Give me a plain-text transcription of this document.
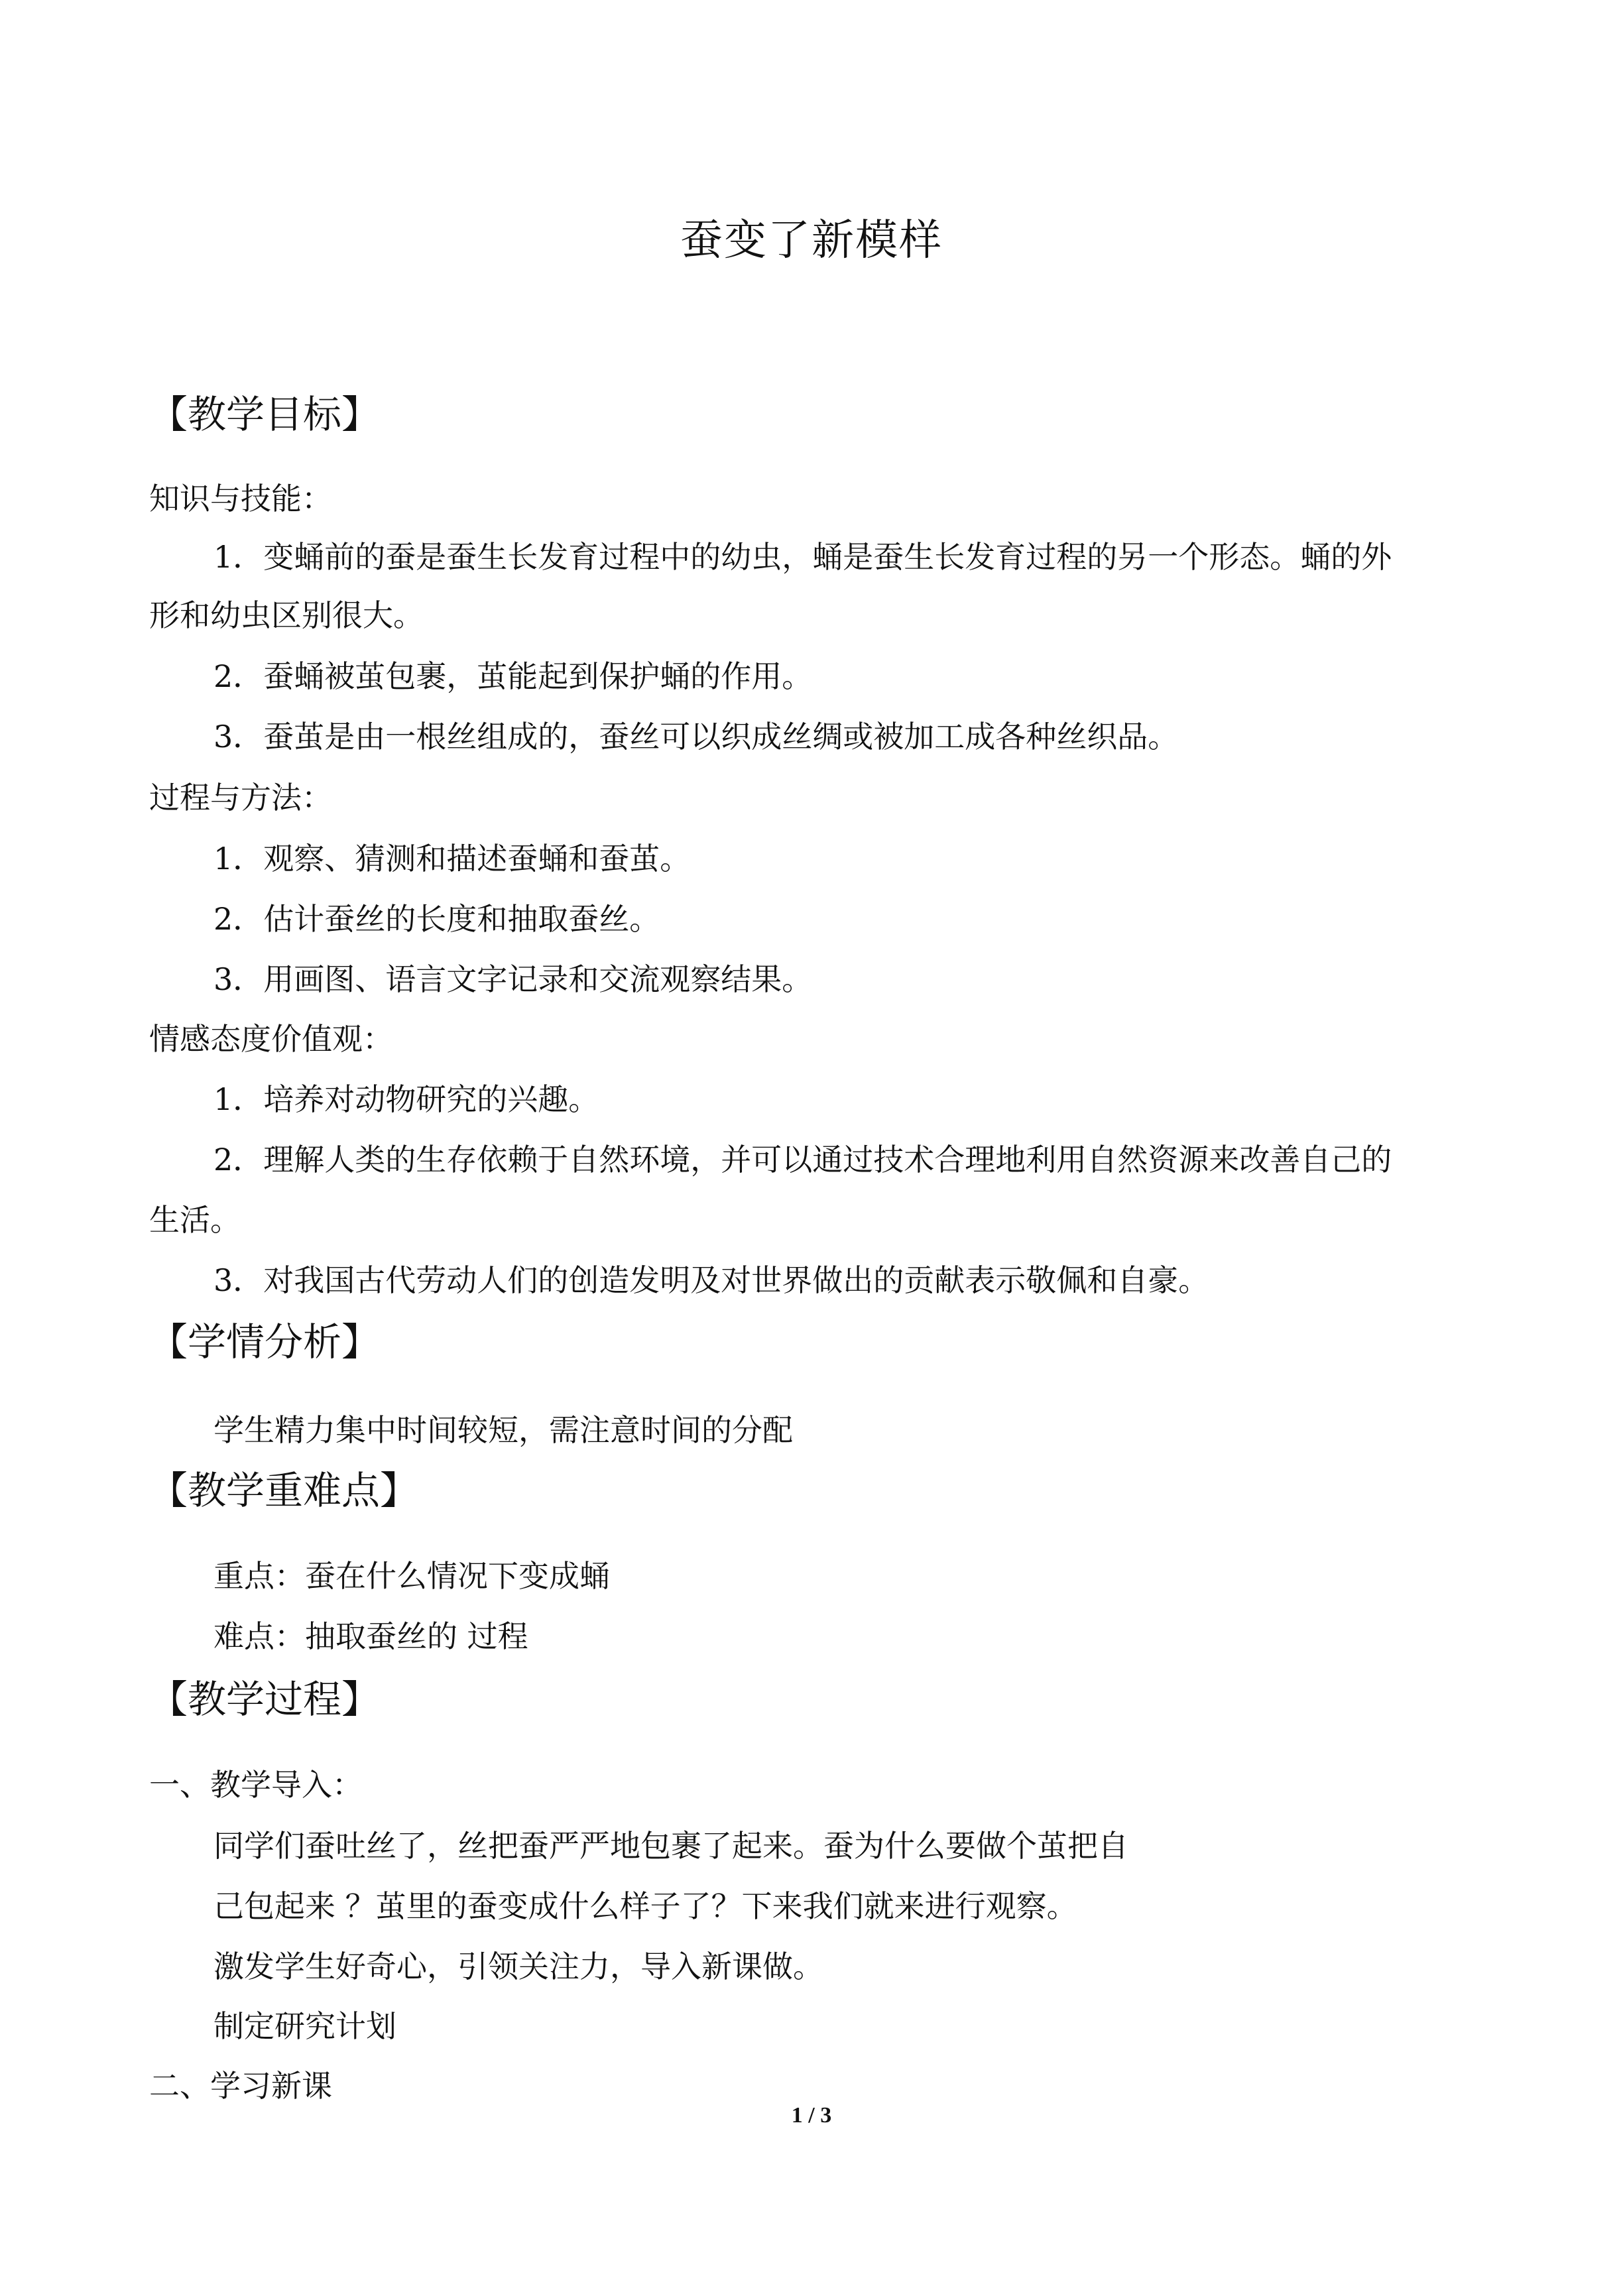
蚕变了新模样
【教学目标】
知识与技能：
1．变蛹前的蚕是蚕生长发育过程中的幼虫，蛹是蚕生长发育过程的另一个形态。蛹的外
形和幼虫区别很大。
2．蚕蛹被茧包裹，茧能起到保护蛹的作用。
3．蚕茧是由一根丝组成的，蚕丝可以织成丝绸或被加工成各种丝织品。
过程与方法：
1．观察、猜测和描述蚕蛹和蚕茧。
2．估计蚕丝的长度和抽取蚕丝。
3．用画图、语言文字记录和交流观察结果。
情感态度价值观：
1．培养对动物研究的兴趣。
2．理解人类的生存依赖于自然环境，并可以通过技术合理地利用自然资源来改善自己的
生活。
3．对我国古代劳动人们的创造发明及对世界做出的贡献表示敬佩和自豪。
【学情分析】
学生精力集中时间较短，需注意时间的分配
【教学重难点】
重点：蚕在什么情况下变成蛹
难点：抽取蚕丝的 过程
【教学过程】
一、教学导入：
同学们蚕吐丝了，丝把蚕严严地包裹了起来。蚕为什么要做个茧把自
己包起来 ？茧里的蚕变成什么样子了？下来我们就来进行观察。
激发学生好奇心，引领关注力，导入新课做。
制定研究计划
二、学习新课
1 / 3
